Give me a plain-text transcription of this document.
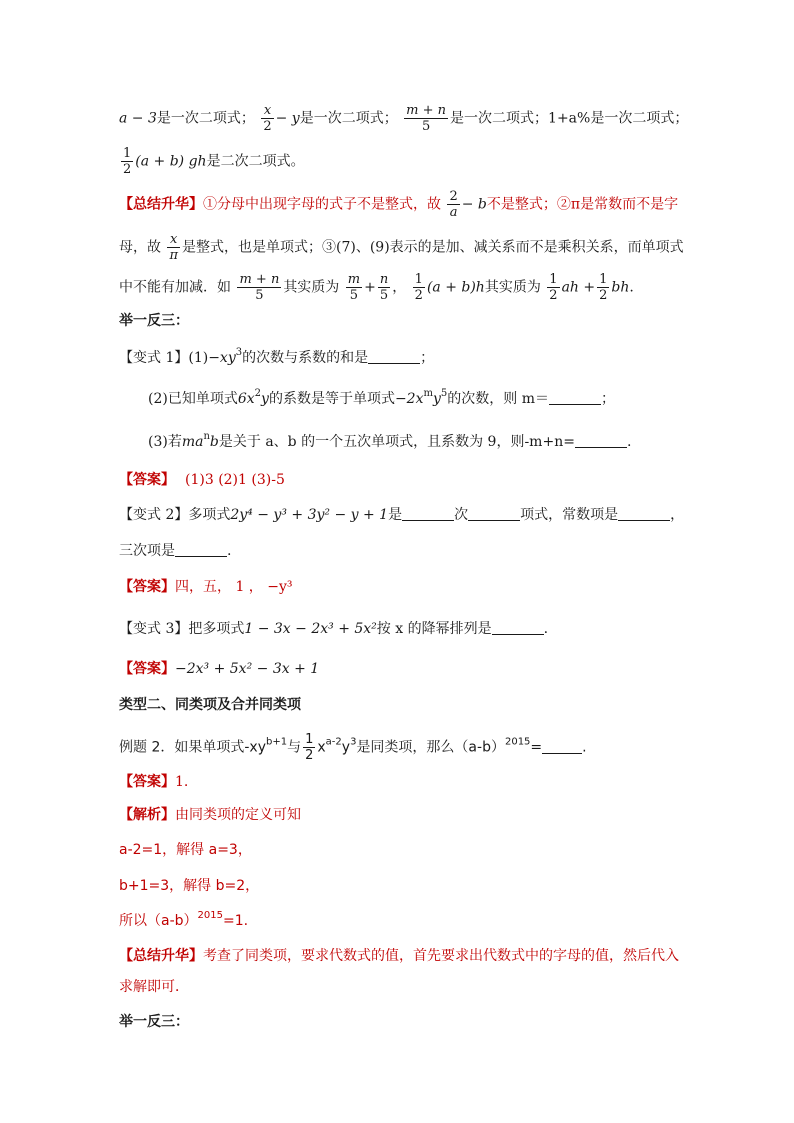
a − 3是一次二项式； $\frac{x}{2} - y$是一次二项式； $\frac{m + n}{5}$ 是一次二项式；1+a%是一次二项式；
$\frac{1}{2} (a + b)$ gh是二次二项式。
【总结升华】①分母中出现字母的式子不是整式，故 $\frac{2}{a} - b$不是整式；②π是常数而不是字
母，故 $\frac{x}{\pi}$ 是整式，也是单项式；③(7)、(9)表示的是加、减关系而不是乘积关系，而单项式
中不能有加减．如 $\frac{m + n}{5}$ 其实质为 $\frac{m}{5} + \frac{n}{5}$ ， $\frac{1}{2} (a + b)h$其实质为 $\frac{1}{2}$ ah + $\frac{1}{2}$ bh.
举一反三：
【变式 1】$(1)-xy^3$的次数与系数的和是	；
(2)已知单项式$6x^2y$的系数是等于单项式$-2x^my^5$的次数，则 m＝	；
(3)若$ma^nb$是关于 a、b 的一个五次单项式，且系数为 9，则-m+n=	.
【答案】 (1)3 (2)1 (3)-5
【变式 2】多项式2y⁴ − y³ + 3y² − y + 1是	次	项式，常数项是	，
三次项是	.
【答案】四，五， 1 ， −y³
【变式 3】把多项式1 − 3x − 2x³ + 5x²按 x 的降幂排列是	.
【答案】−2x³ + 5x² − 3x + 1
类型二、同类项及合并同类项
例题 2．如果单项式$-xy^{b+1}$与 $\frac{1}{2} x^{a-2}y^3$是同类项，那么$(a-b)^{2015}=$	.
【答案】1.
【解析】由同类项的定义可知
a-2=1，解得 a=3，
b+1=3，解得 b=2，
所以$(a-b)^{2015}=1$.
【总结升华】考查了同类项，要求代数式的值，首先要求出代数式中的字母的值，然后代入
求解即可．
举一反三：
